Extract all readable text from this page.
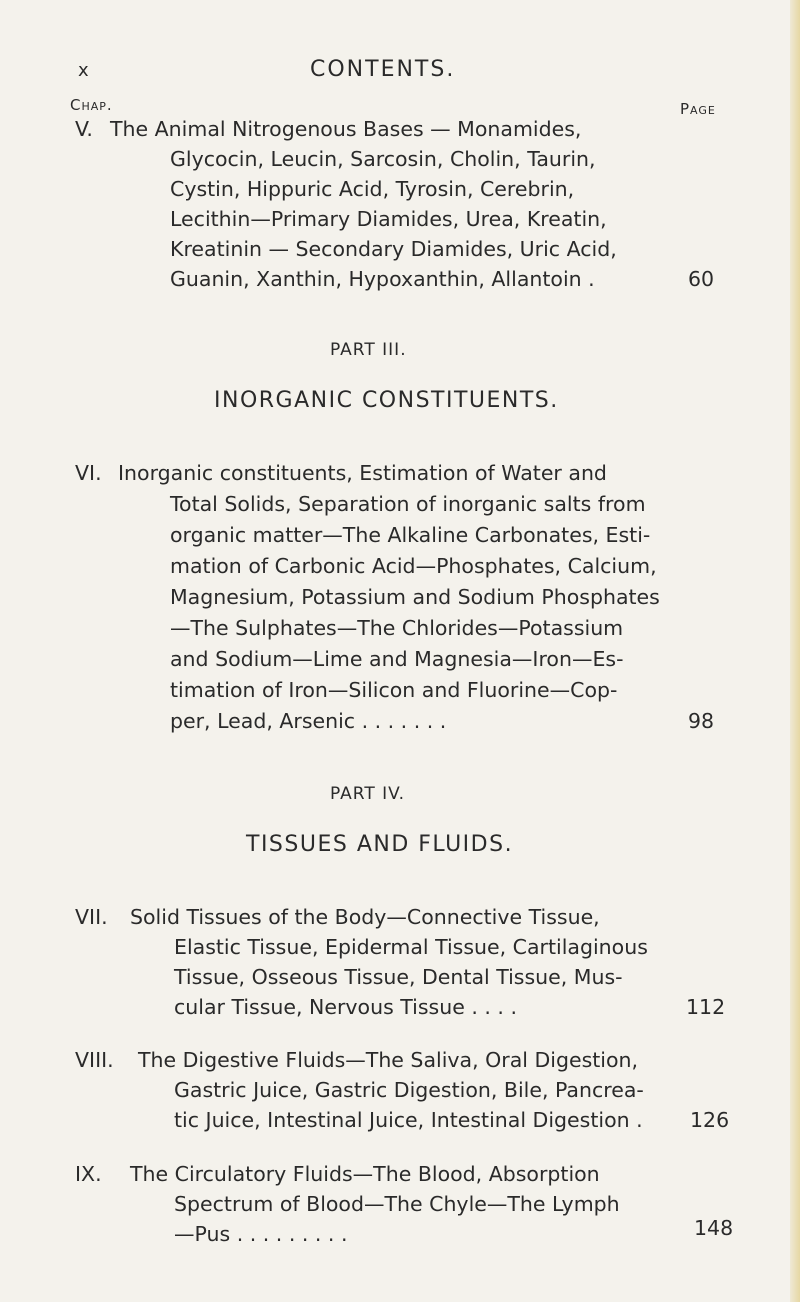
x	CONTENTS.
Chap.	Page
V. The Animal Nitrogenous Bases — Monamides,
Glycocin, Leucin, Sarcosin, Cholin, Taurin,
Cystin, Hippuric Acid, Tyrosin, Cerebrin,
Lecithin—Primary Diamides, Urea, Kreatin,
Kreatinin — Secondary Diamides, Uric Acid,
Guanin, Xanthin, Hypoxanthin, Allantoin .	60
PART III.
INORGANIC CONSTITUENTS.
VI. Inorganic constituents, Estimation of Water and
Total Solids, Separation of inorganic salts from
organic matter—The Alkaline Carbonates, Esti-
mation of Carbonic Acid—Phosphates, Calcium,
Magnesium, Potassium and Sodium Phosphates
—The Sulphates—The Chlorides—Potassium
and Sodium—Lime and Magnesia—Iron—Es-
timation of Iron—Silicon and Fluorine—Cop-
per, Lead, Arsenic . . . . . . .	98
PART IV.
TISSUES AND FLUIDS.
VII. Solid Tissues of the Body—Connective Tissue,
Elastic Tissue, Epidermal Tissue, Cartilaginous
Tissue, Osseous Tissue, Dental Tissue, Mus-
cular Tissue, Nervous Tissue . . . .	112
VIII. The Digestive Fluids—The Saliva, Oral Digestion,
Gastric Juice, Gastric Digestion, Bile, Pancrea-
tic Juice, Intestinal Juice, Intestinal Digestion . 126
IX. The Circulatory Fluids—The Blood, Absorption
Spectrum of Blood—The Chyle—The Lymph
—Pus . . . . . . . . .	148
